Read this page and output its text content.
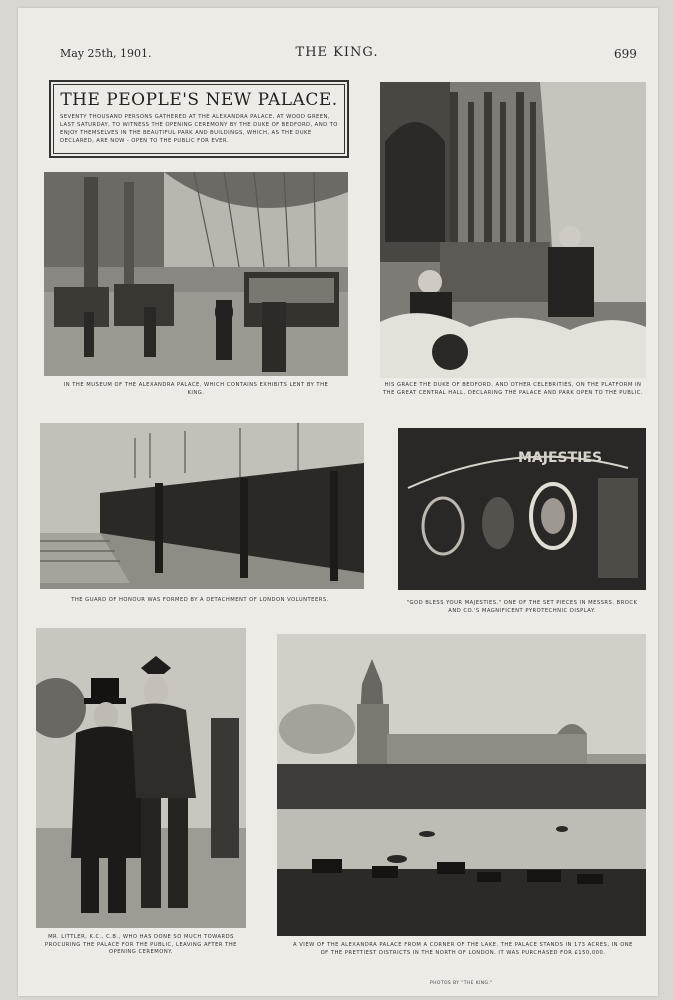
May 25th, 1901.	THE KING.	699
THE PEOPLE'S NEW PALACE.

SEVENTY THOUSAND PERSONS GATHERED AT THE ALEXANDRA PALACE, AT WOOD GREEN, LAST SATURDAY, TO WITNESS THE OPENING CEREMONY BY THE DUKE OF BEDFORD, AND TO ENJOY THEMSELVES IN THE BEAUTIFUL PARK AND BUILDINGS, WHICH, AS THE DUKE DECLARED, ARE NOW - OPEN TO THE PUBLIC FOR EVER.

IN THE MUSEUM OF THE ALEXANDRA PALACE, WHICH CONTAINS EXHIBITS LENT BY THE KING.
HIS GRACE THE DUKE OF BEDFORD, AND OTHER CELEBRITIES, ON THE PLATFORM IN THE GREAT CENTRAL HALL, DECLARING THE PALACE AND PARK OPEN TO THE PUBLIC.
THE GUARD OF HONOUR WAS FORMED BY A DETACHMENT OF LONDON VOLUNTEERS.
MAJESTIES
"GOD BLESS YOUR MAJESTIES." ONE OF THE SET PIECES IN MESSRS. BROCK AND CO.'S MAGNIFICENT PYROTECHNIC DISPLAY.
MR. LITTLER, K.C., C.B., WHO HAS DONE SO MUCH TOWARDS PROCURING THE PALACE FOR THE PUBLIC, LEAVING AFTER THE OPENING CEREMONY.
A VIEW OF THE ALEXANDRA PALACE FROM A CORNER OF THE LAKE. THE PALACE STANDS IN 173 ACRES, IN ONE OF THE PRETTIEST DISTRICTS IN THE NORTH OF LONDON. IT WAS PURCHASED FOR £150,000.
PHOTOS BY "THE KING."
